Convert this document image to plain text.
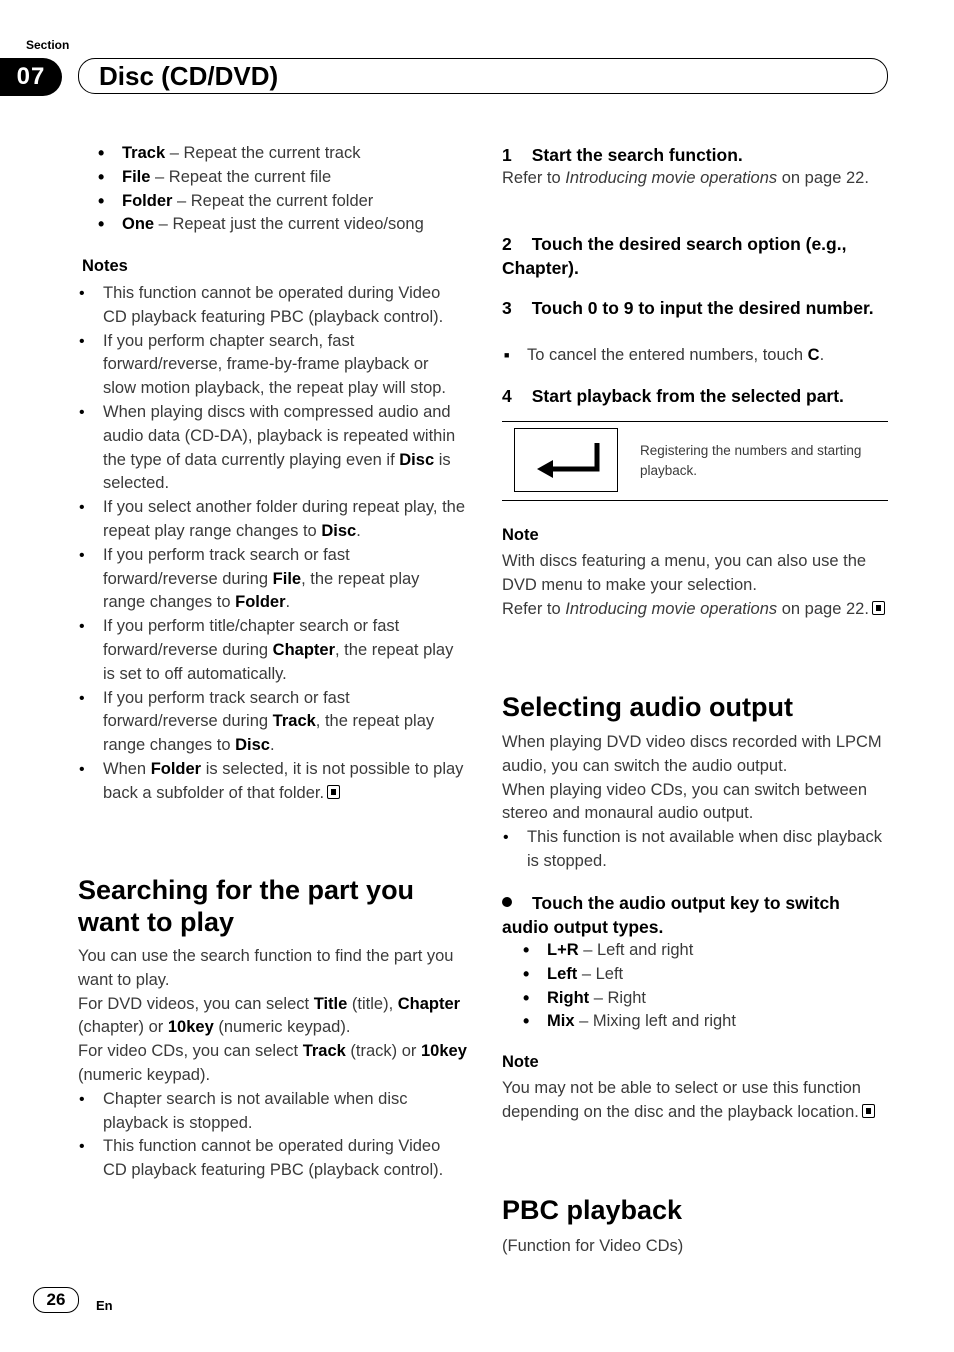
Section
07	Disc (CD/DVD)
• Track – Repeat the current track
• File – Repeat the current file
• Folder – Repeat the current folder
• One – Repeat just the current video/song
Notes
• This function cannot be operated during Video CD playback featuring PBC (playback control).
• If you perform chapter search, fast forward/reverse, frame-by-frame playback or slow motion playback, the repeat play will stop.
• When playing discs with compressed audio and audio data (CD-DA), playback is repeated within the type of data currently playing even if Disc is selected.
• If you select another folder during repeat play, the repeat play range changes to Disc.
• If you perform track search or fast forward/reverse during File, the repeat play range changes to Folder.
• If you perform title/chapter search or fast forward/reverse during Chapter, the repeat play is set to off automatically.
• If you perform track search or fast forward/reverse during Track, the repeat play range changes to Disc.
• When Folder is selected, it is not possible to play back a subfolder of that folder.
Searching for the part you want to play
You can use the search function to find the part you want to play.
For DVD videos, you can select Title (title), Chapter (chapter) or 10key (numeric keypad).
For video CDs, you can select Track (track) or 10key (numeric keypad).
• Chapter search is not available when disc playback is stopped.
• This function cannot be operated during Video CD playback featuring PBC (playback control).
1 Start the search function.
Refer to Introducing movie operations on page 22.
2 Touch the desired search option (e.g., Chapter).
3 Touch 0 to 9 to input the desired number.
■ To cancel the entered numbers, touch C.
4 Start playback from the selected part.
Registering the numbers and starting playback.
Note
With discs featuring a menu, you can also use the DVD menu to make your selection.
Refer to Introducing movie operations on page 22.
Selecting audio output
When playing DVD video discs recorded with LPCM audio, you can switch the audio output.
When playing video CDs, you can switch between stereo and monaural audio output.
• This function is not available when disc playback is stopped.
Touch the audio output key to switch audio output types.
• L+R – Left and right
• Left – Left
• Right – Right
• Mix – Mixing left and right
Note
You may not be able to select or use this function depending on the disc and the playback location.
PBC playback
(Function for Video CDs)
26	En
